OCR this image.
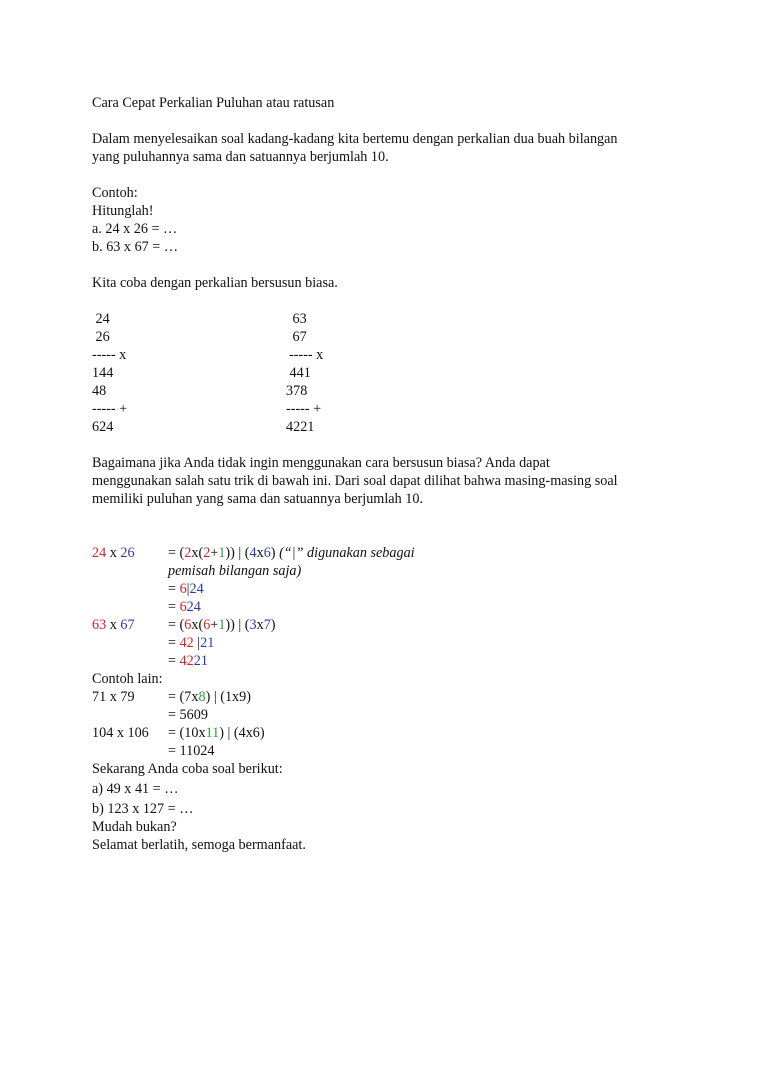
Cara Cepat Perkalian Puluhan atau ratusan

Dalam menyelesaikan soal kadang-kadang kita bertemu dengan perkalian dua buah bilangan

yang puluhannya sama dan satuannya berjumlah 10.

Contoh:

Hitunglah!

a. 24 x 26 = …

b. 63 x 67 = …

Kita coba dengan perkalian bersusun biasa.

24

26

----- x

144

48

----- +

624

63

67

----- x

441

378

----- +

4221

Bagaimana jika Anda tidak ingin menggunakan cara bersusun biasa? Anda dapat

menggunakan salah satu trik di bawah ini. Dari soal dapat dilihat bahwa masing-masing soal

memiliki puluhan yang sama dan satuannya berjumlah 10.

24 x 26 = (2x(2+1)) | (4x6) (“|” digunakan sebagai

pemisah bilangan saja)

= 6|24

= 624

63 x 67 = (6x(6+1)) | (3x7)

= 42 |21

= 4221

Contoh lain:

71 x 79 = (7x8) | (1x9)

= 5609

104 x 106 = (10x11) | (4x6)

= 11024

Sekarang Anda coba soal berikut:

a) 49 x 41 = …

b) 123 x 127 = …

Mudah bukan?

Selamat berlatih, semoga bermanfaat.
